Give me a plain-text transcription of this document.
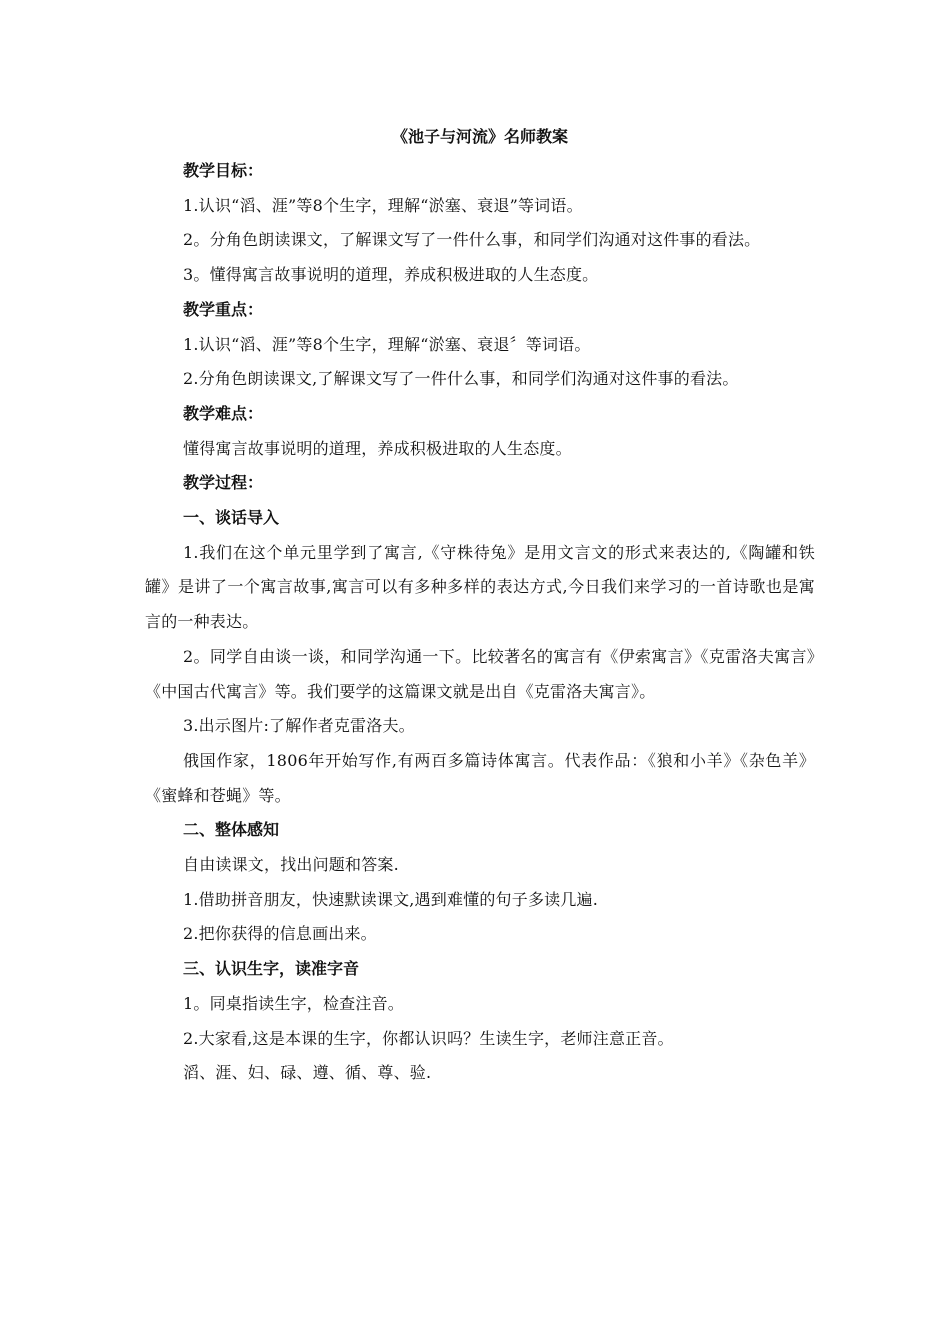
《池子与河流》名师教案

教学目标：

1.认识“滔、涯”等8个生字，理解“淤塞、衰退”等词语。

2。分角色朗读课文，了解课文写了一件什么事，和同学们沟通对这件事的看法。

3。懂得寓言故事说明的道理，养成积极进取的人生态度。

教学重点：

1.认识“滔、涯”等8个生字，理解“淤塞、衰退〞等词语。

2.分角色朗读课文,了解课文写了一件什么事，和同学们沟通对这件事的看法。

教学难点：

懂得寓言故事说明的道理，养成积极进取的人生态度。

教学过程：

一、谈话导入

1.我们在这个单元里学到了寓言,《守株待兔》是用文言文的形式来表达的,《陶罐和铁罐》是讲了一个寓言故事,寓言可以有多种多样的表达方式,今日我们来学习的一首诗歌也是寓言的一种表达。

2。同学自由谈一谈，和同学沟通一下。比较著名的寓言有《伊索寓言》《克雷洛夫寓言》《中国古代寓言》等。我们要学的这篇课文就是出自《克雷洛夫寓言》。

3.出示图片:了解作者克雷洛夫。

俄国作家，1806年开始写作,有两百多篇诗体寓言。代表作品：《狼和小羊》《杂色羊》《蜜蜂和苍蝇》等。

二、整体感知

自由读课文，找出问题和答案.

1.借助拼音朋友，快速默读课文,遇到难懂的句子多读几遍.

2.把你获得的信息画出来。

三、认识生字，读准字音

1。同桌指读生字，检查注音。

2.大家看,这是本课的生字，你都认识吗？生读生字，老师注意正音。

滔、涯、妇、碌、遵、循、尊、验.
